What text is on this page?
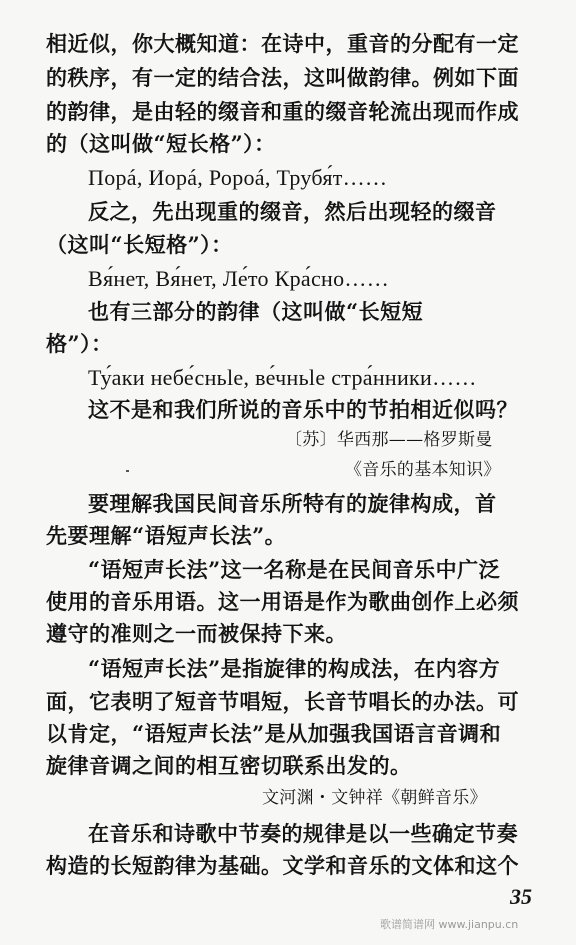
相近似，你大概知道：在诗中，重音的分配有一定

的秩序，有一定的结合法，这叫做韵律。例如下面

的韵律，是由轻的缀音和重的缀音轮流出现而作成

的（这叫做“短长格”）：

Порá, Иорá, Ророá, Трубя́т……

反之，先出现重的缀音，然后出现轻的缀音

（这叫“长短格”）：

Вя́нет, Вя́нет, Ле́то Кра́сно……

也有三部分的韵律（这叫做“长短短

格”）：

Ту́аки небе́сньle, ве́чньle стра́нники……

这不是和我们所说的音乐中的节拍相近似吗？

〔苏〕华西那——格罗斯曼

《音乐的基本知识》

要理解我国民间音乐所特有的旋律构成，首

先要理解“语短声长法”。

“语短声长法”这一名称是在民间音乐中广泛

使用的音乐用语。这一用语是作为歌曲创作上必须

遵守的准则之一而被保持下来。

“语短声长法”是指旋律的构成法，在内容方

面，它表明了短音节唱短，长音节唱长的办法。可

以肯定，“语短声长法”是从加强我国语言音调和

旋律音调之间的相互密切联系出发的。

文河渊・文钟祥《朝鲜音乐》

在音乐和诗歌中节奏的规律是以一些确定节奏

构造的长短韵律为基础。文学和音乐的文体和这个

35
歌谱简谱网 www.jianpu.cn
